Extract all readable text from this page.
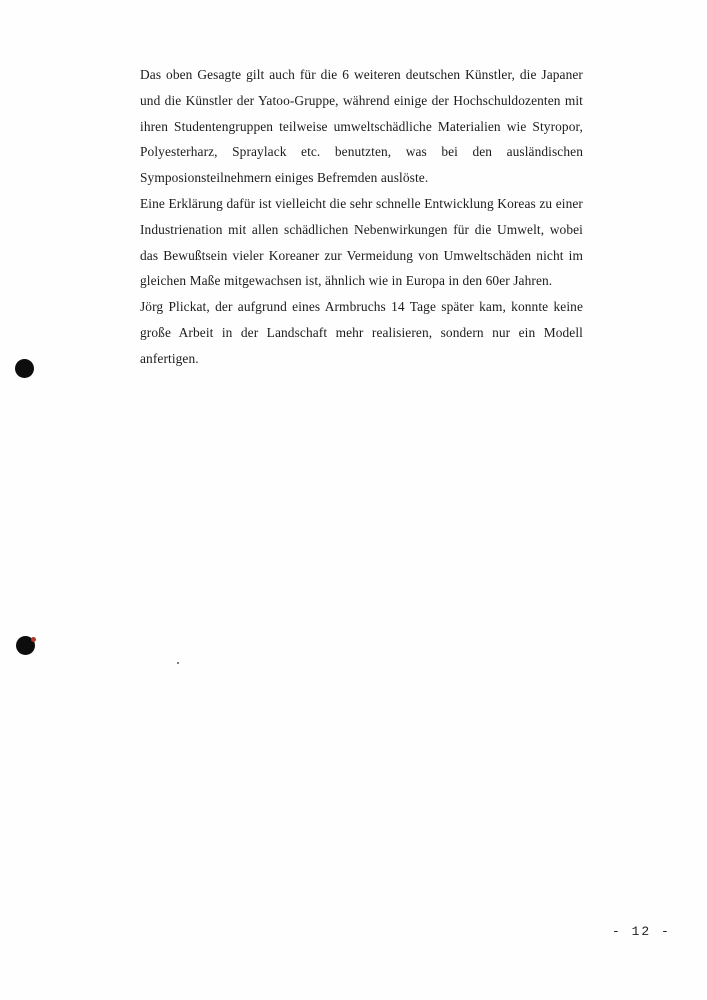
Das oben Gesagte gilt auch für die 6 weiteren deutschen Künstler, die Japaner und die Künstler der Yatoo-Gruppe, während einige der Hochschuldozenten mit ihren Studentengruppen teilweise umweltschädliche Materialien wie Styropor, Polyesterharz, Spraylack etc. benutzten, was bei den ausländischen Symposionsteilnehmern einiges Befremden auslöste.

Eine Erklärung dafür ist vielleicht die sehr schnelle Entwicklung Koreas zu einer Industrienation mit allen schädlichen Nebenwirkungen für die Umwelt, wobei das Bewußtsein vieler Koreaner zur Vermeidung von Umweltschäden nicht im gleichen Maße mitgewachsen ist, ähnlich wie in Europa in den 60er Jahren.

Jörg Plickat, der aufgrund eines Armbruchs 14 Tage später kam, konnte keine große Arbeit in der Landschaft mehr realisieren, sondern nur ein Modell anfertigen.

- 12 -
